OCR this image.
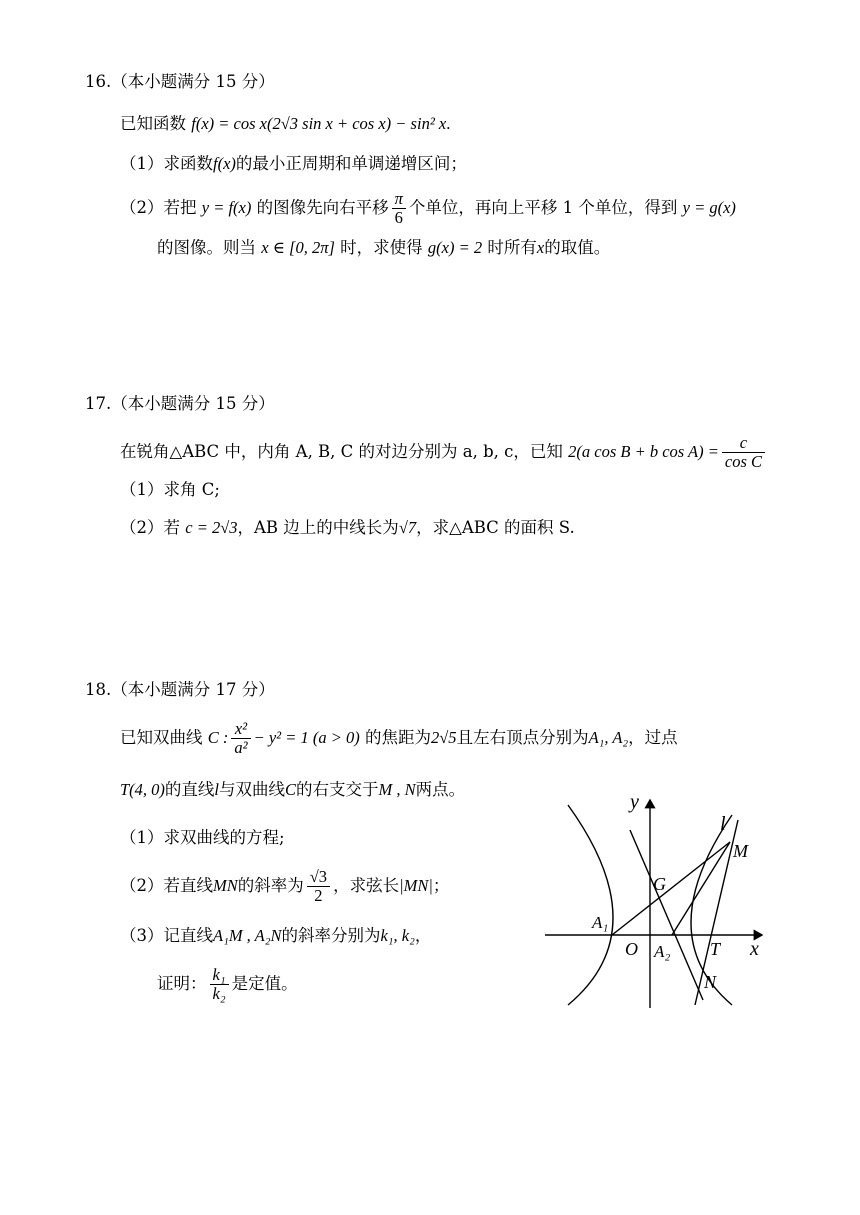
16.（本小题满分 15 分）
已知函数 f(x) = cos x(2√3 sin x + cos x) − sin² x.
（1）求函数f(x)的最小正周期和单调递增区间；
（2）若把 y = f(x) 的图像先向右平移 $\frac{\pi}{6}$ 个单位，再向上平移 1 个单位，得到 y = g(x)
的图像。则当 x ∈ [0, 2π] 时，求使得 g(x) = 2 时所有x的取值。
17.（本小题满分 15 分）
在锐角△ABC 中，内角 A, B, C 的对边分别为 a, b, c，已知 2(a cos B + b $\cos A) = \frac{c}{\text{cos C}}$
（1）求角 C;
（2）若 c = 2√3，AB 边上的中线长为√7，求△ABC 的面积 S.
18.（本小题满分 17 分）
已知双曲线 C : $\frac{\text{x²}}{\text{a²}} - y^2 = 1$ (a > 0) 的焦距为2√5且左右顶点分别为A₁, A₂，过点
T(4, 0)的直线l与双曲线C的右支交于M , N两点。
（1）求双曲线的方程;
（2）若直线MN的斜率为 $\frac{√3}{2}$ ，求弦长|MN|；
（3）记直线A₁M , A₂N的斜率分别为k₁, k₂，
证明： $\frac{\text{k₁}}{\text{k₂}}$ 是定值。
y
x
l
M
G
A₁
O A₂ T
N
